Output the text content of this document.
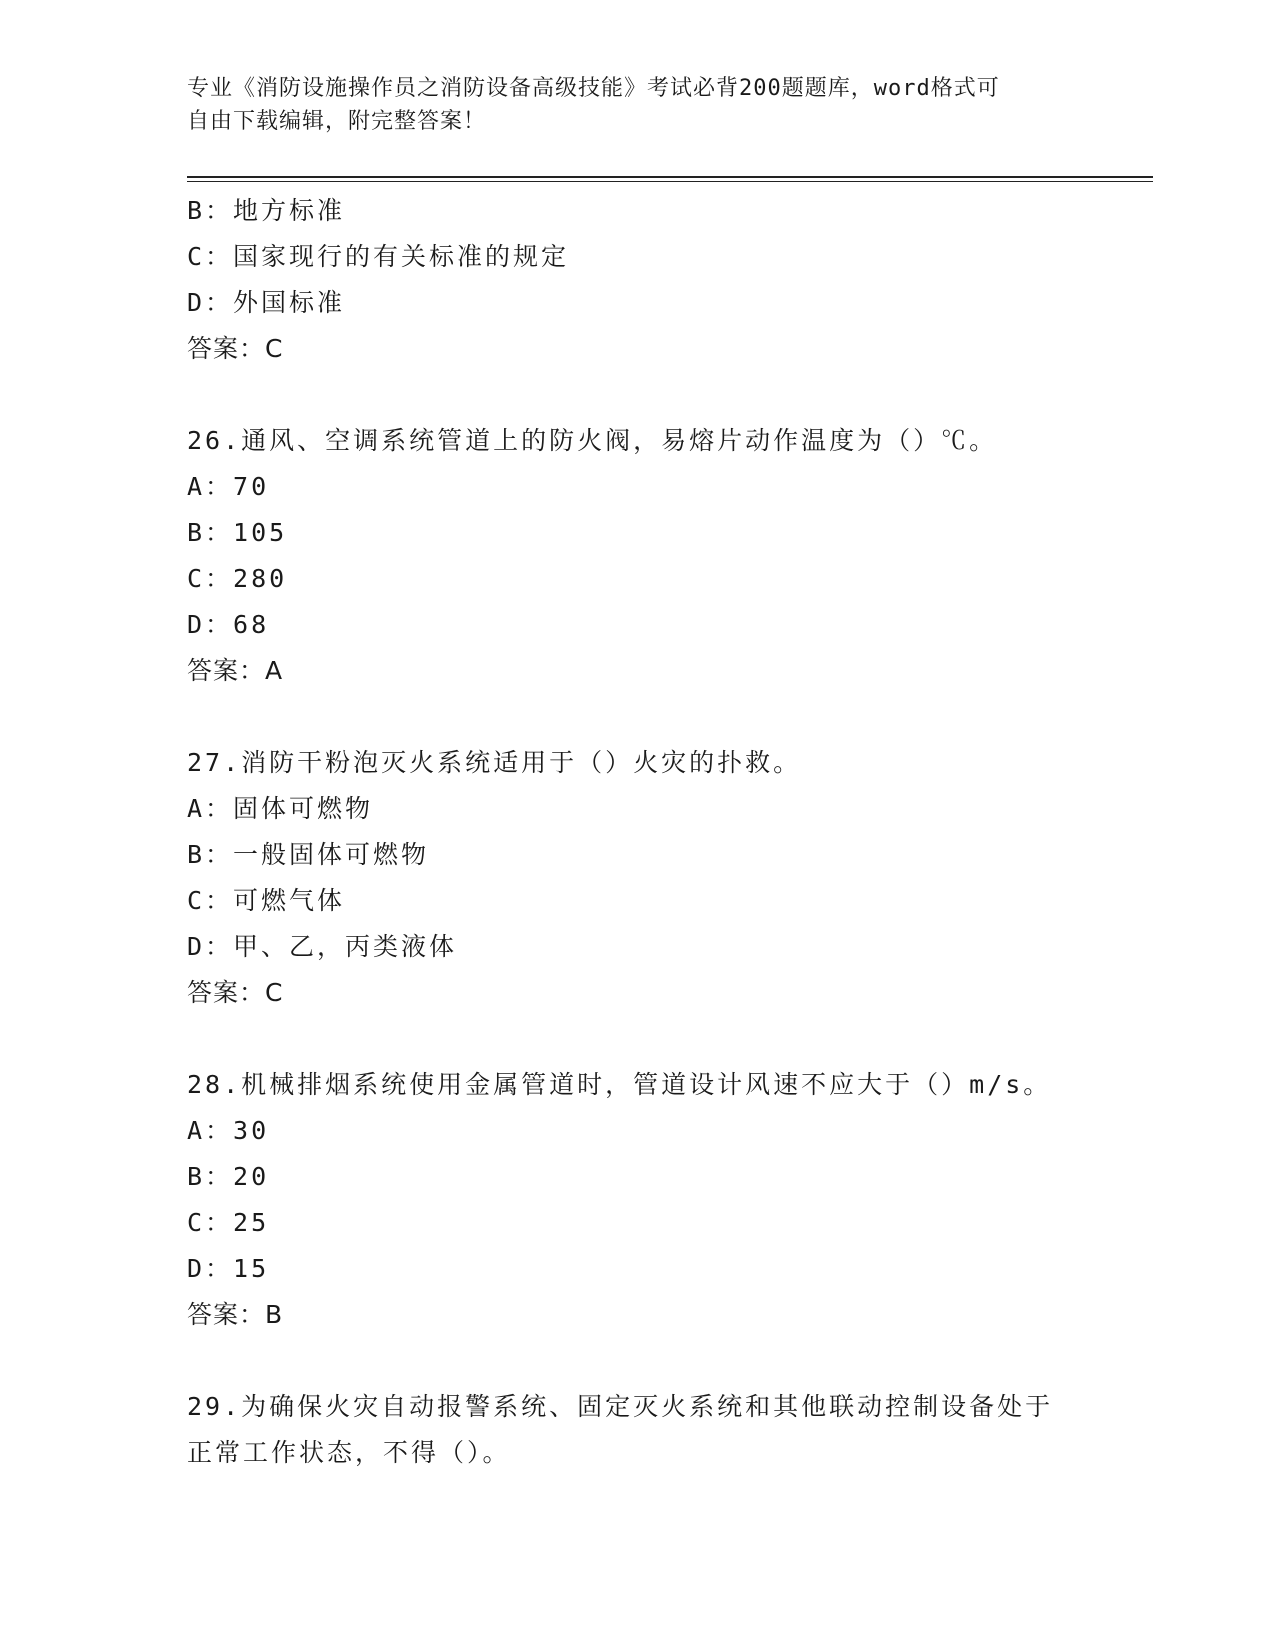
专业《消防设施操作员之消防设备高级技能》考试必背200题题库，word格式可
自由下载编辑，附完整答案！
B：地方标准
C：国家现行的有关标准的规定
D：外国标准
答案：C
26.通风、空调系统管道上的防火阀，易熔片动作温度为（）℃。
A：70
B：105
C：280
D：68
答案：A
27.消防干粉泡灭火系统适用于（）火灾的扑救。
A：固体可燃物
B：一般固体可燃物
C：可燃气体
D：甲、乙，丙类液体
答案：C
28.机械排烟系统使用金属管道时，管道设计风速不应大于（）m/s。
A：30
B：20
C：25
D：15
答案：B
29.为确保火灾自动报警系统、固定灭火系统和其他联动控制设备处于
正常工作状态，不得（）。
